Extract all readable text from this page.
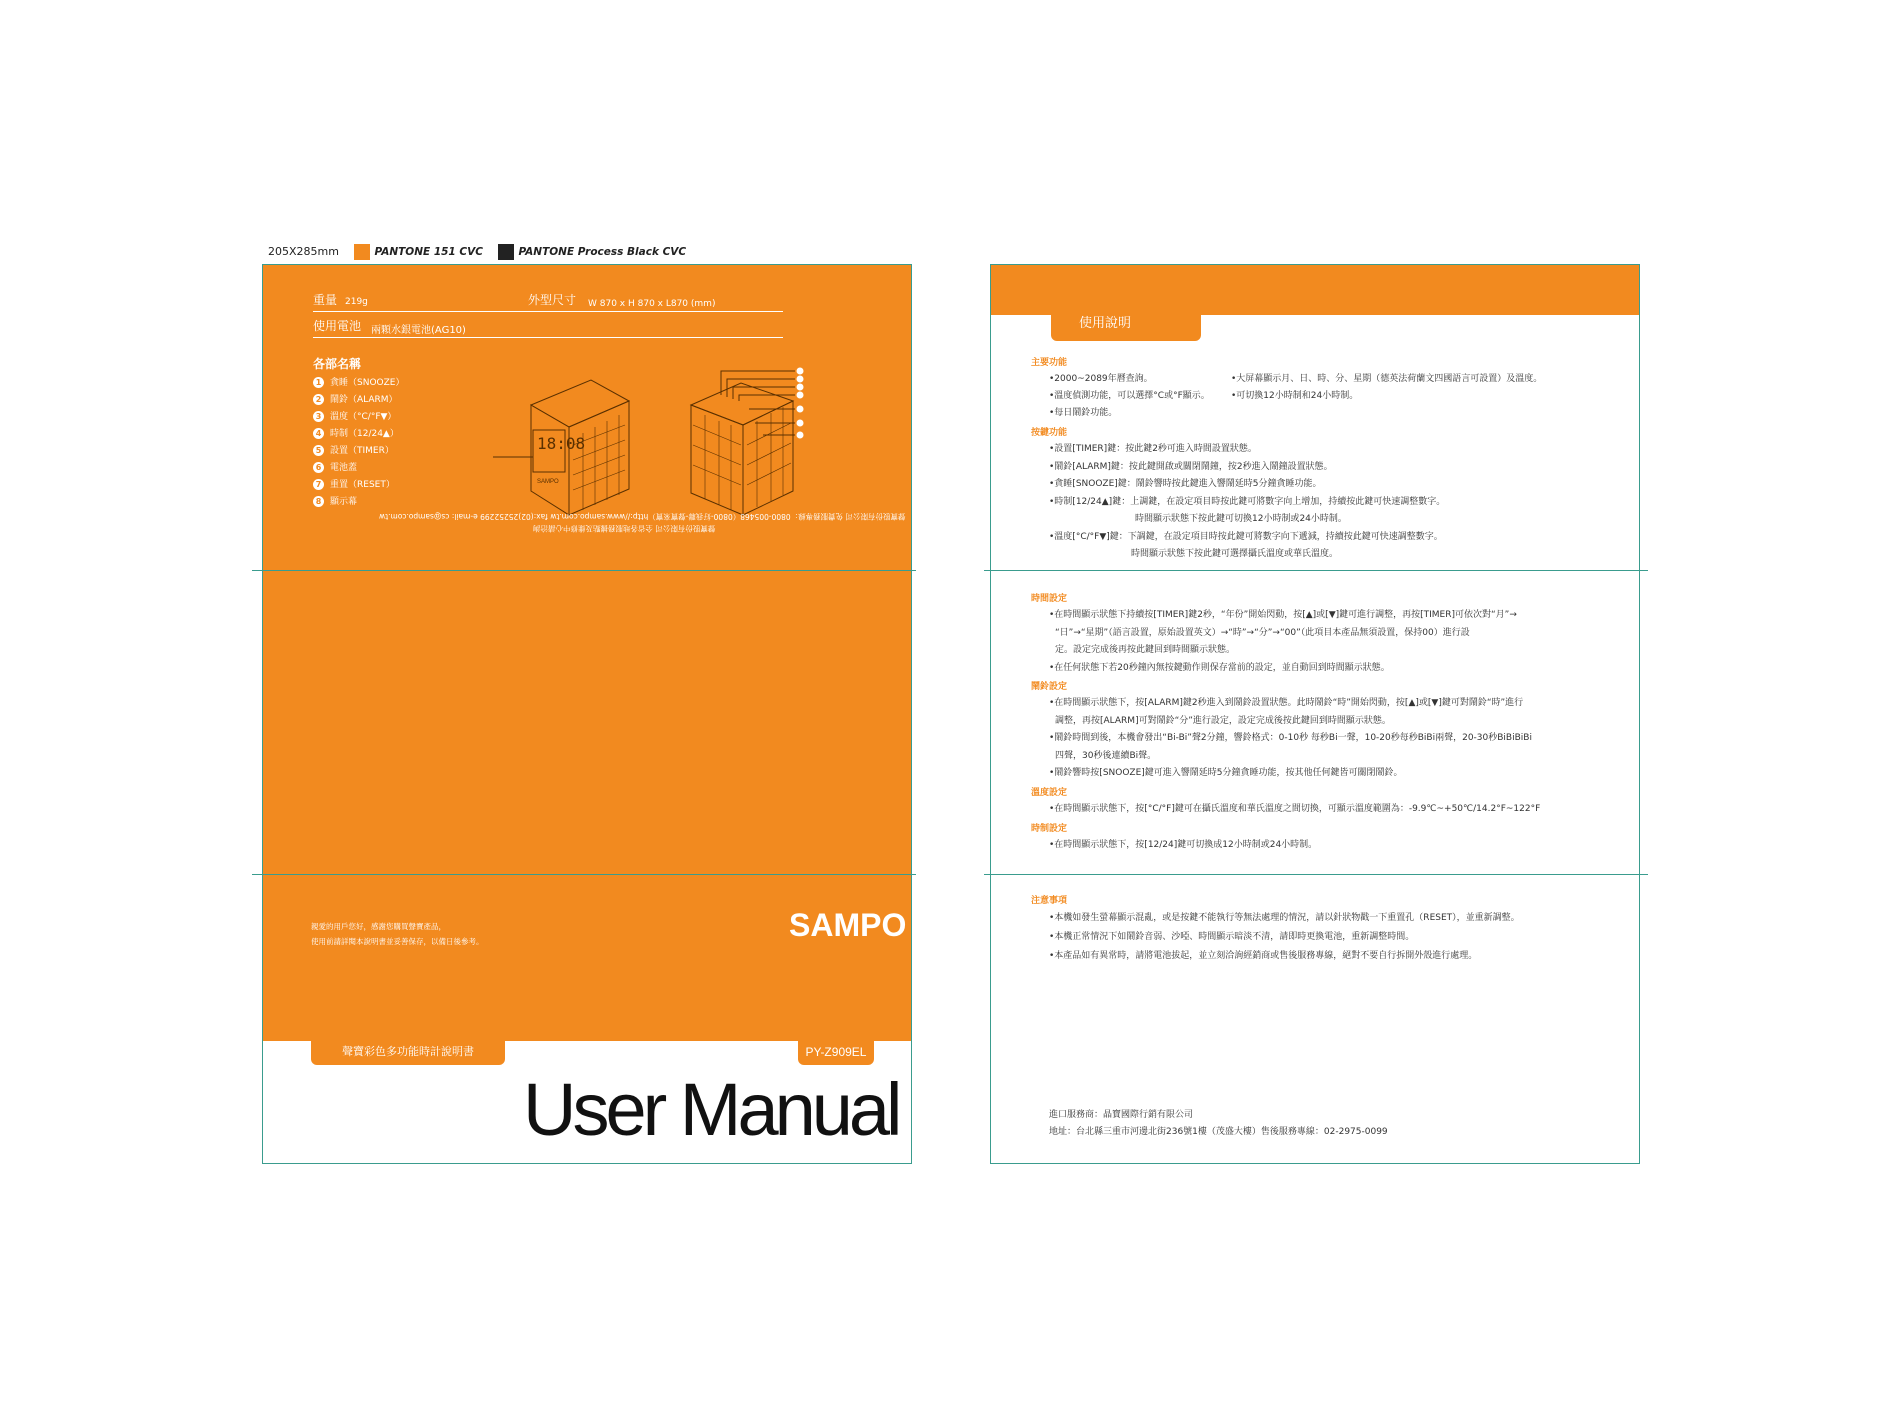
205X285mm	PANTONE 151 CVC	PANTONE Process Black CVC
重量 219g	外型尺寸 W 870 x H 870 x L870 (mm)
使用電池 兩顆水銀電池(AG10)
各部名稱
1 貪睡（SNOOZE）
2 鬧鈴（ALARM）
3 溫度（°C/°F▼）
4 時制（12/24▲）
5 設置（TIMER）
6 電池蓋
7 重置（RESET）
8 顯示幕
18:08
SAMPO
聲寶股份有限公司 免費服務專線：0800-005468（0800-好我聯-聲寶來寶）http://www.sampo.com.tw fax:(02)25252299 e-mail: cs@sampo.com.tw
聲寶股份有限公司 全省各地服務據點及維修中心請洽詢
親愛的用戶您好，感謝您購買聲寶產品，
使用前請詳閱本說明書並妥善保存，以備日後參考。	SAMPO
聲寶彩色多功能時計說明書	PY-Z909EL
User Manual
使用說明
主要功能
•2000~2089年曆查詢。
•溫度偵測功能，可以選擇°C或°F顯示。
•每日鬧鈴功能。
•大屏幕顯示月、日、時、分、星期（德英法荷蘭文四國語言可設置）及溫度。
•可切換12小時制和24小時制。
按鍵功能
•設置[TIMER]鍵：按此鍵2秒可進入時間設置狀態。
•鬧鈴[ALARM]鍵：按此鍵開啟或關閉鬧鐘，按2秒進入鬧鐘設置狀態。
•貪睡[SNOOZE]鍵：鬧鈴響時按此鍵進入響鬧延時5分鐘貪睡功能。
•時制[12/24▲]鍵：上調鍵，在設定項目時按此鍵可將數字向上增加，持續按此鍵可快速調整數字。
時間顯示狀態下按此鍵可切換12小時制或24小時制。
•溫度[°C/°F▼]鍵：下調鍵，在設定項目時按此鍵可將數字向下遞減，持續按此鍵可快速調整數字。
時間顯示狀態下按此鍵可選擇攝氏溫度或華氏溫度。
時間設定
•在時間顯示狀態下持續按[TIMER]鍵2秒，“年份”開始閃動，按[▲]或[▼]鍵可進行調整，再按[TIMER]可依次對“月”→
“日”→“星期”（語言設置，原始設置英文）→“時”→“分”→“00”（此項目本產品無須設置，保持00）進行設
定。設定完成後再按此鍵回到時間顯示狀態。
•在任何狀態下若20秒鐘內無按鍵動作則保存當前的設定，並自動回到時間顯示狀態。
鬧鈴設定
•在時間顯示狀態下，按[ALARM]鍵2秒進入到鬧鈴設置狀態。此時鬧鈴“時”開始閃動，按[▲]或[▼]鍵可對鬧鈴“時”進行
調整，再按[ALARM]可對鬧鈴“分”進行設定，設定完成後按此鍵回到時間顯示狀態。
•鬧鈴時間到後，本機會發出“Bi-Bi”聲2分鐘，響鈴格式：0-10秒 每秒Bi一聲，10-20秒每秒BiBi兩聲，20-30秒BiBiBiBi
四聲，30秒後連續Bi聲。
•鬧鈴響時按[SNOOZE]鍵可進入響鬧延時5分鐘貪睡功能，按其他任何鍵皆可關閉鬧鈴。
溫度設定
•在時間顯示狀態下，按[°C/°F]鍵可在攝氏溫度和華氏溫度之間切換，可顯示溫度範圍為：-9.9℃~+50℃/14.2°F~122°F
時制設定
•在時間顯示狀態下，按[12/24]鍵可切換成12小時制或24小時制。
注意事項
•本機如發生螢幕顯示混亂，或是按鍵不能執行等無法處理的情況，請以針狀物戳一下重置孔（RESET），並重新調整。
•本機正常情況下如鬧鈴音弱、沙啞、時間顯示暗淡不清，請即時更換電池，重新調整時間。
•本產品如有異常時，請將電池拔起，並立刻洽詢經銷商或售後服務專線，絕對不要自行拆開外殼進行處理。
進口服務商：晶寶國際行銷有限公司
地址：台北縣三重市河邊北街236號1樓（茂盛大樓）售後服務專線：02-2975-0099
